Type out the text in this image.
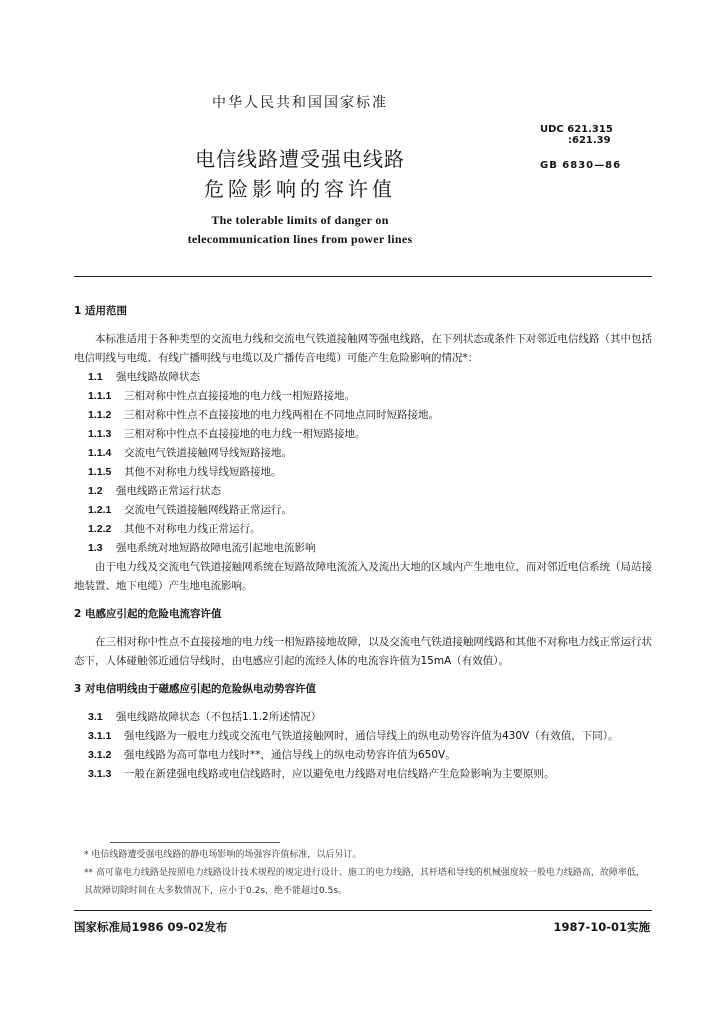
中华人民共和国国家标准
UDC 621.315
:621.39
GB 6830—86
电信线路遭受强电线路
危险影响的容许值
The tolerable limits of danger on
telecommunication lines from power lines

1 适用范围

本标准适用于各种类型的交流电力线和交流电气铁道接触网等强电线路，在下列状态或条件下对邻近电信线路（其中包括电信明线与电缆、有线广播明线与电缆以及广播传音电缆）可能产生危险影响的情况*：

1.1 强电线路故障状态

1.1.1 三相对称中性点直接接地的电力线一相短路接地。

1.1.2 三相对称中性点不直接接地的电力线两相在不同地点同时短路接地。

1.1.3 三相对称中性点不直接接地的电力线一相短路接地。

1.1.4 交流电气铁道接触网导线短路接地。

1.1.5 其他不对称电力线导线短路接地。

1.2 强电线路正常运行状态

1.2.1 交流电气铁道接触网线路正常运行。

1.2.2 其他不对称电力线正常运行。

1.3 强电系统对地短路故障电流引起地电流影响

由于电力线及交流电气铁道接触网系统在短路故障电流流入及流出大地的区域内产生地电位，而对邻近电信系统（局站接地装置、地下电缆）产生地电流影响。

2 电感应引起的危险电流容许值

在三相对称中性点不直接接地的电力线一相短路接地故障，以及交流电气铁道接触网线路和其他不对称电力线正常运行状态下，人体碰触邻近通信导线时，由电感应引起的流经人体的电流容许值为15mA（有效值）。

3 对电信明线由于磁感应引起的危险纵电动势容许值

3.1 强电线路故障状态（不包括1.1.2所述情况）

3.1.1 强电线路为一般电力线或交流电气铁道接触网时，通信导线上的纵电动势容许值为430V（有效值，下同）。

3.1.2 强电线路为高可靠电力线时**，通信导线上的纵电动势容许值为650V。

3.1.3 一般在新建强电线路或电信线路时，应以避免电力线路对电信线路产生危险影响为主要原则。

* 电信线路遭受强电线路的静电场影响的场强容许值标准，以后另订。
** 高可靠电力线路是按照电力线路设计技术规程的规定进行设计、施工的电力线路，其杆塔和导线的机械强度较一般电力线路高，故障率低，其故障切除时间在大多数情况下，应小于0.2s，绝不能超过0.5s。
国家标准局1986 09-02发布	1987-10-01实施
